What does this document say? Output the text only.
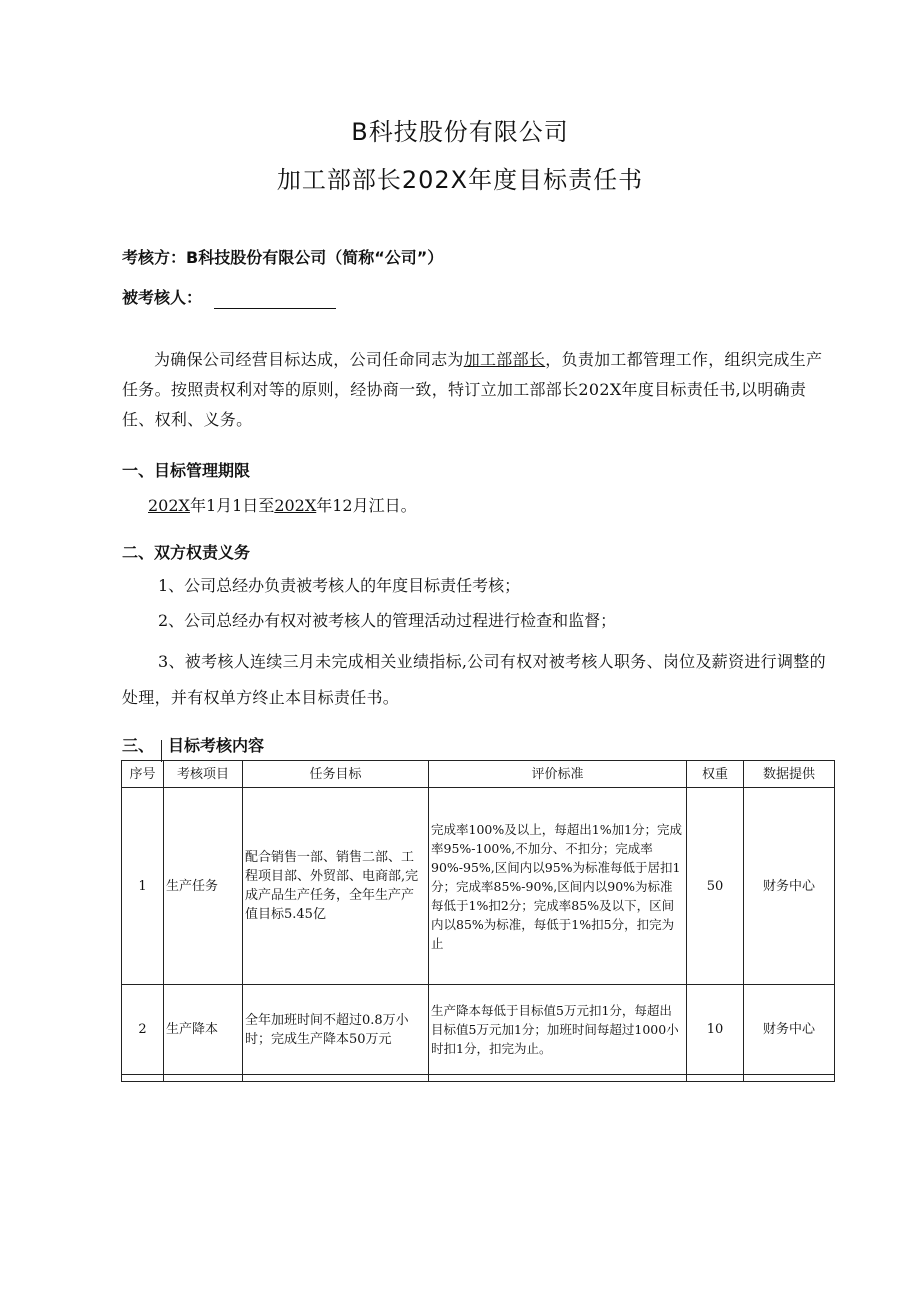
B科技股份有限公司
加工部部长202X年度目标责任书
考核方：B科技股份有限公司（简称“公司”）
被考核人：
为确保公司经营目标达成，公司任命同志为加工部部长，负责加工都管理工作，组织完成生产任务。按照责权利对等的原则，经协商一致，特订立加工部部长202X年度目标责任书,以明确责任、权利、义务。
一、目标管理期限
202X年1月1日至202X年12月江日。
二、双方权责义务
1、公司总经办负责被考核人的年度目标责任考核；
2、公司总经办有权对被考核人的管理活动过程进行检查和监督；
3、被考核人连续三月未完成相关业绩指标,公司有权对被考核人职务、岗位及薪资进行调整的处理，并有权单方终止本目标责任书。
三、 目标考核内容
序号	考核项目	任务目标	评价标准	权重	数据提供
1	生产任务	配合销售一部、销售二部、工程项目部、外贸部、电商部,完成产品生产任务，全年生产产值目标5.45亿	完成率100%及以上，每超出1%加1分；完成率95%-100%,不加分、不扣分；完成率90%-95%,区间内以95%为标准每低于居扣1分；完成率85%-90%,区间内以90%为标准每低于1%扣2分；完成率85%及以下，区间内以85%为标准，每低于1%扣5分，扣完为止	50	财务中心
2	生产降本	全年加班时间不超过0.8万小时；完成生产降本50万元	生产降本每低于目标值5万元扣1分，每超出目标值5万元加1分；加班时间每超过1000小时扣1分，扣完为止。	10	财务中心
